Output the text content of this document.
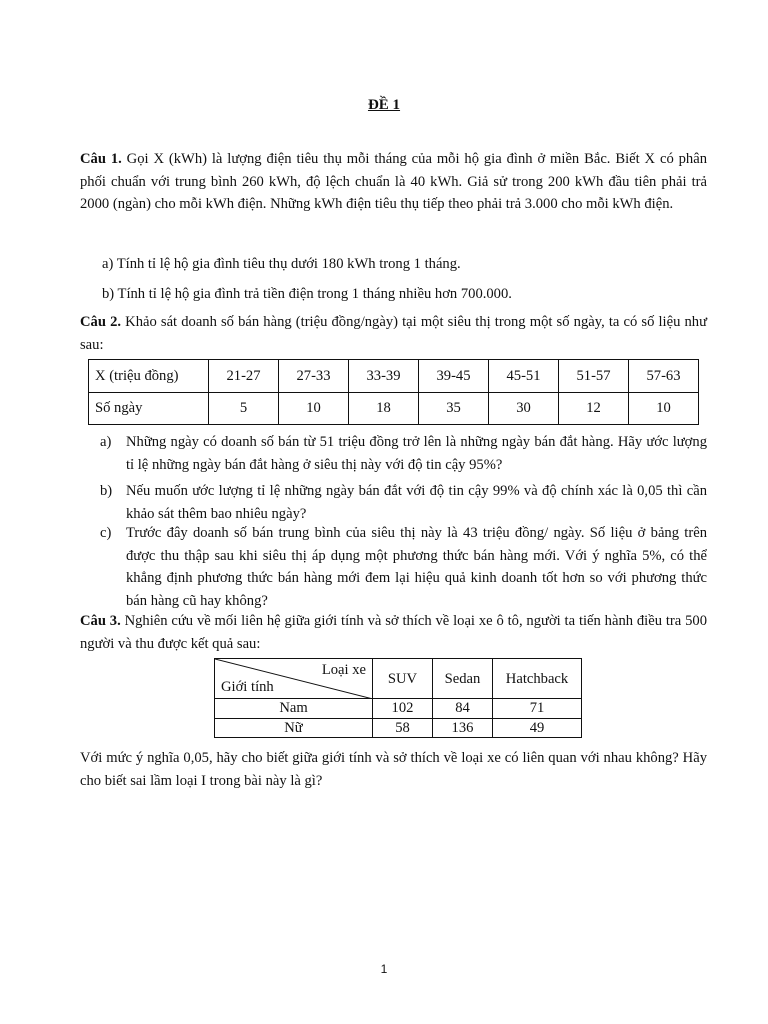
ĐỀ 1
Câu 1. Gọi X (kWh) là lượng điện tiêu thụ mỗi tháng của mỗi hộ gia đình ở miền Bắc. Biết X có phân phối chuẩn với trung bình 260 kWh, độ lệch chuẩn là 40 kWh. Giả sử trong 200 kWh đầu tiên phải trả 2000 (ngàn) cho mỗi kWh điện. Những kWh điện tiêu thụ tiếp theo phải trả 3.000 cho mỗi kWh điện.
a) Tính tỉ lệ hộ gia đình tiêu thụ dưới 180 kWh trong 1 tháng.
b) Tính tỉ lệ hộ gia đình trả tiền điện trong 1 tháng nhiều hơn 700.000.
Câu 2. Khảo sát doanh số bán hàng (triệu đồng/ngày) tại một siêu thị trong một số ngày, ta có số liệu như sau:
X (triệu đồng)	21-27	27-33	33-39	39-45	45-51	51-57	57-63
Số ngày	5	10	18	35	30	12	10
a) Những ngày có doanh số bán từ 51 triệu đồng trở lên là những ngày bán đắt hàng. Hãy ước lượng tỉ lệ những ngày bán đắt hàng ở siêu thị này với độ tin cậy 95%?
b) Nếu muốn ước lượng tỉ lệ những ngày bán đắt với độ tin cậy 99% và độ chính xác là 0,05 thì cần khảo sát thêm bao nhiêu ngày?
c) Trước đây doanh số bán trung bình của siêu thị này là 43 triệu đồng/ ngày. Số liệu ở bảng trên được thu thập sau khi siêu thị áp dụng một phương thức bán hàng mới. Với ý nghĩa 5%, có thể khẳng định phương thức bán hàng mới đem lại hiệu quả kinh doanh tốt hơn so với phương thức bán hàng cũ hay không?
Câu 3. Nghiên cứu về mối liên hệ giữa giới tính và sở thích về loại xe ô tô, người ta tiến hành điều tra 500 người và thu được kết quả sau:
Loại xe
Giới tính	SUV	Sedan	Hatchback
Nam	102	84	71
Nữ	58	136	49
Với mức ý nghĩa 0,05, hãy cho biết giữa giới tính và sở thích về loại xe có liên quan với nhau không? Hãy cho biết sai lầm loại I trong bài này là gì?
1
